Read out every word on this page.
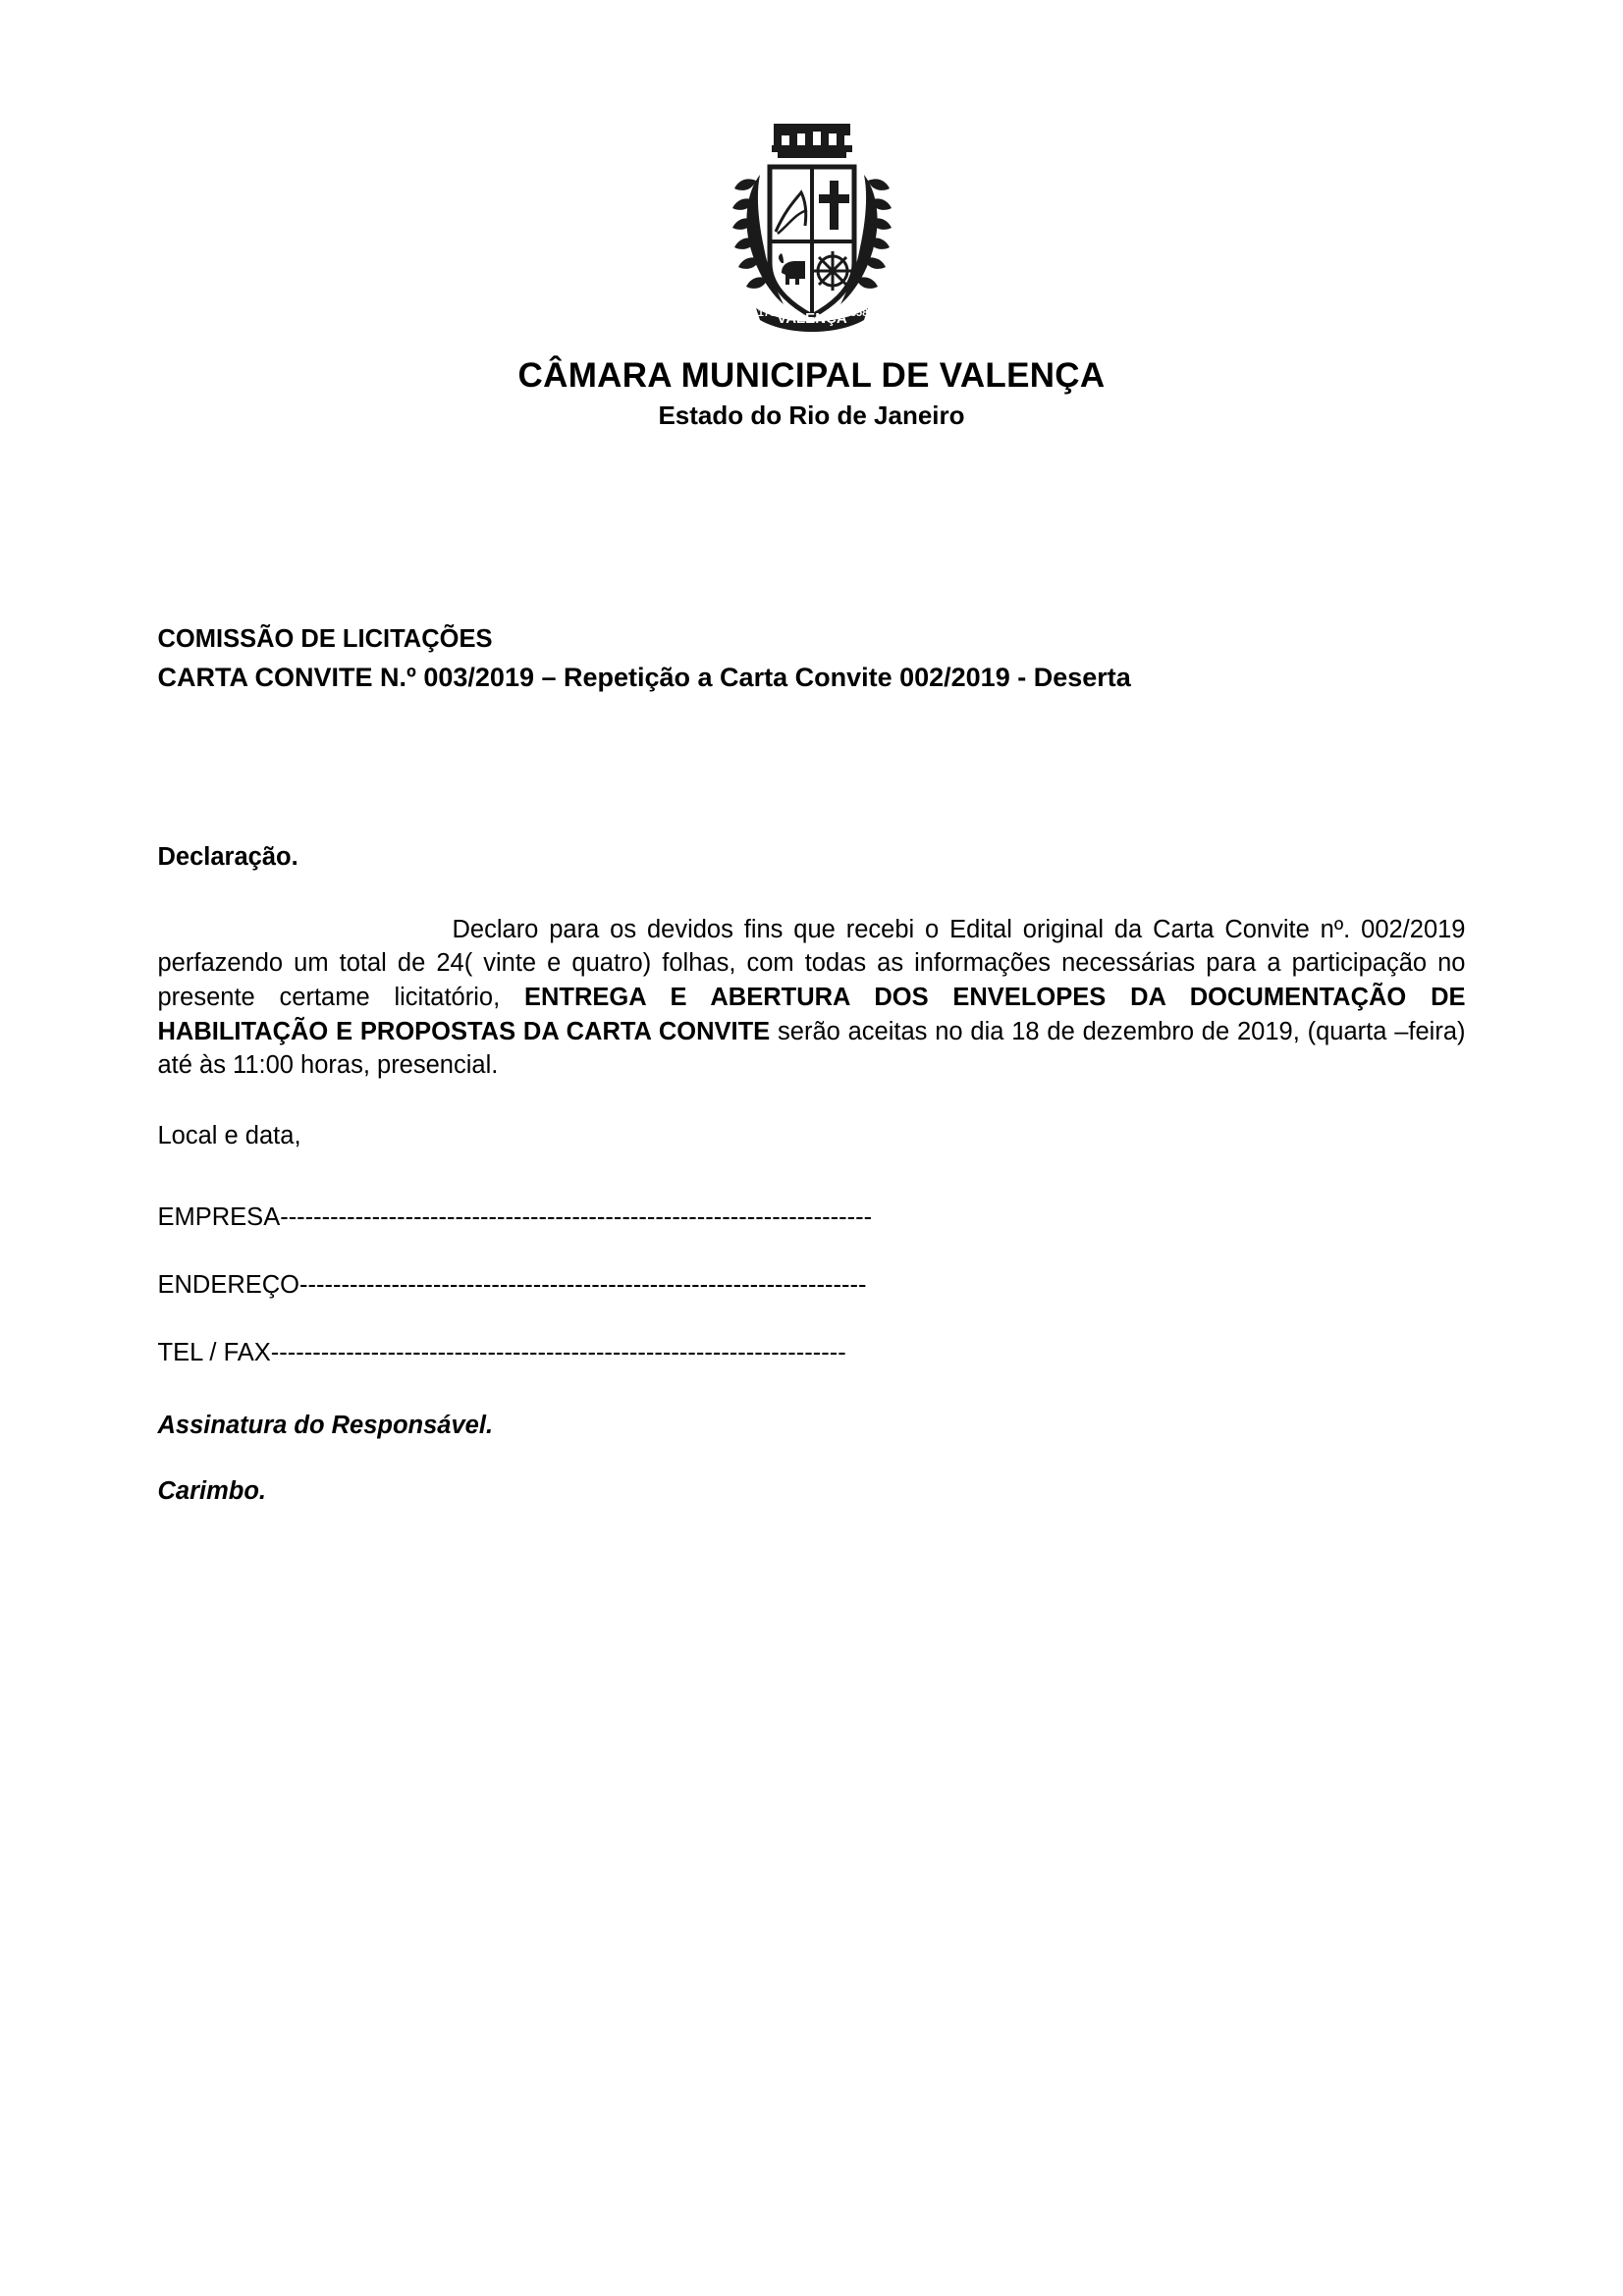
VALENÇA
1789	1858
CÂMARA MUNICIPAL DE VALENÇA
Estado do Rio de Janeiro
COMISSÃO DE LICITAÇÕES
CARTA CONVITE N.º 003/2019 – Repetição a Carta Convite 002/2019 - Deserta
Declaração.

Declaro para os devidos fins que recebi o Edital original da Carta Convite nº. 002/2019 perfazendo um total de 24( vinte e quatro) folhas, com todas as informações necessárias para a participação no presente certame licitatório, ENTREGA E ABERTURA DOS ENVELOPES DA DOCUMENTAÇÃO DE HABILITAÇÃO E PROPOSTAS DA CARTA CONVITE serão aceitas no dia 18 de dezembro de 2019, (quarta –feira) até às 11:00 horas, presencial.

Local e data,
EMPRESA-----------------------------------------------------------------------
ENDEREÇO--------------------------------------------------------------------
TEL / FAX---------------------------------------------------------------------
Assinatura do Responsável.
Carimbo.
